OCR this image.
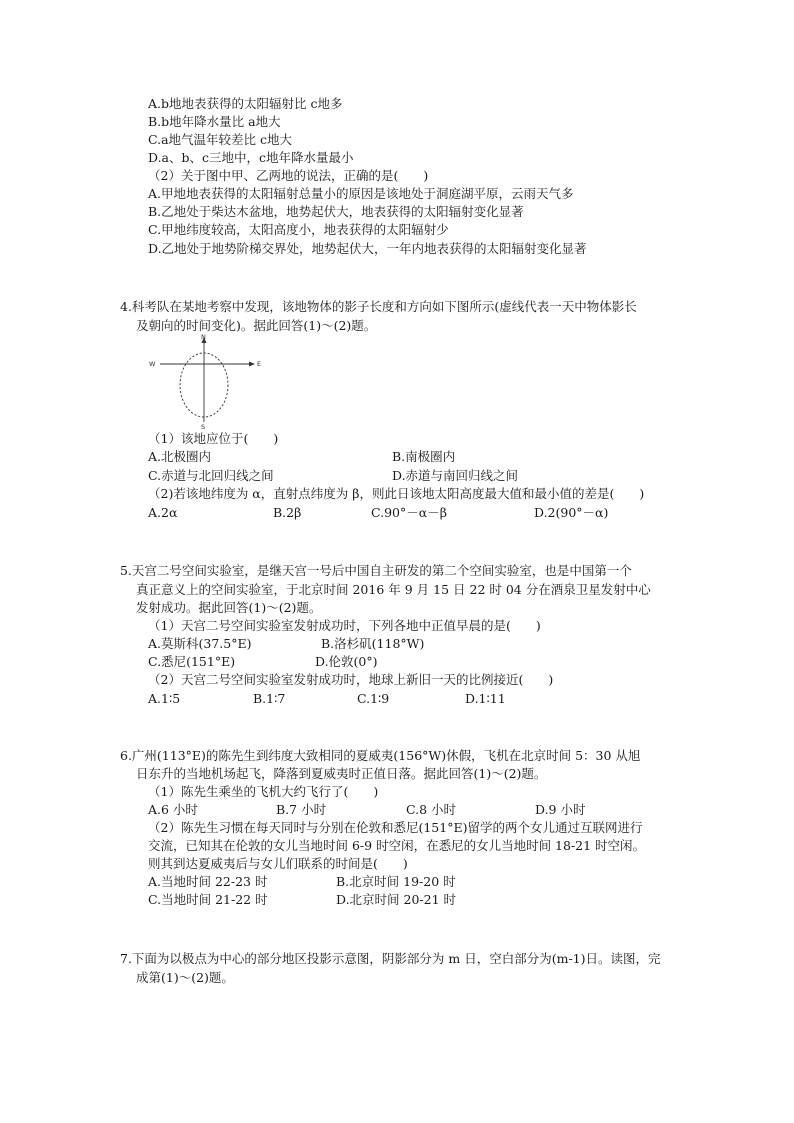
A.b地地表获得的太阳辐射比 c地多
B.b地年降水量比 a地大
C.a地气温年较差比 c地大
D.a、b、c三地中，c地年降水量最小
（2）关于图中甲、乙两地的说法，正确的是(　　)
A.甲地地表获得的太阳辐射总量小的原因是该地处于洞庭湖平原，云雨天气多
B.乙地处于柴达木盆地，地势起伏大，地表获得的太阳辐射变化显著
C.甲地纬度较高，太阳高度小，地表获得的太阳辐射少
D.乙地处于地势阶梯交界处，地势起伏大，一年内地表获得的太阳辐射变化显著
4.科考队在某地考察中发现，该地物体的影子长度和方向如下图所示(虚线代表一天中物体影长
及朝向的时间变化)。据此回答(1)～(2)题。
N
S
W	E
（1）该地应位于(　　)
A.北极圈内	B.南极圈内
C.赤道与北回归线之间	D.赤道与南回归线之间
（2)若该地纬度为 α，直射点纬度为 β，则此日该地太阳高度最大值和最小值的差是(　　)
A.2α	B.2β	C.90°－α－β	D.2(90°－α)
5.天宫二号空间实验室，是继天宫一号后中国自主研发的第二个空间实验室，也是中国第一个
真正意义上的空间实验室，于北京时间 2016 年 9 月 15 日 22 时 04 分在酒泉卫星发射中心
发射成功。据此回答(1)～(2)题。
（1）天宫二号空间实验室发射成功时，下列各地中正值早晨的是(　　)
A.莫斯科(37.5°E)	B.洛杉矶(118°W)
C.悉尼(151°E)	D.伦敦(0°)
（2）天宫二号空间实验室发射成功时，地球上新旧一天的比例接近(　　)
A.1∶5	B.1∶7	C.1∶9	D.1∶11
6.广州(113°E)的陈先生到纬度大致相同的夏威夷(156°W)休假，飞机在北京时间 5：30 从旭
日东升的当地机场起飞，降落到夏威夷时正值日落。据此回答(1)～(2)题。
（1）陈先生乘坐的飞机大约飞行了(　　)
A.6 小时	B.7 小时	C.8 小时	D.9 小时
（2）陈先生习惯在每天同时与分别在伦敦和悉尼(151°E)留学的两个女儿通过互联网进行
交流，已知其在伦敦的女儿当地时间 6-9 时空闲，在悉尼的女儿当地时间 18-21 时空闲。
则其到达夏威夷后与女儿们联系的时间是(　　)
A.当地时间 22-23 时	B.北京时间 19-20 时
C.当地时间 21-22 时	D.北京时间 20-21 时
7.下面为以极点为中心的部分地区投影示意图，阴影部分为 m 日，空白部分为(m-1)日。读图，完
成第(1)～(2)题。
